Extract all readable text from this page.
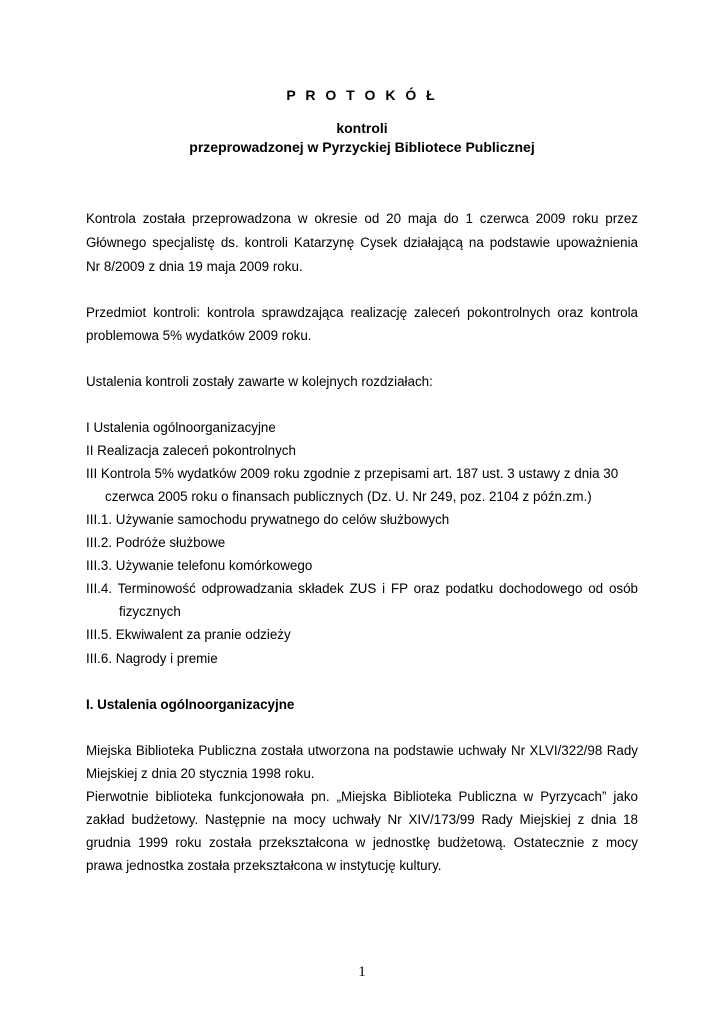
P R O T O K Ó Ł
kontroli
przeprowadzonej w Pyrzyckiej Bibliotece Publicznej
Kontrola została przeprowadzona w okresie od 20 maja do 1 czerwca 2009 roku przez
Głównego specjalistę ds. kontroli Katarzynę Cysek działającą na podstawie upoważnienia
Nr 8/2009 z dnia 19 maja 2009 roku.
Przedmiot kontroli: kontrola sprawdzająca realizację zaleceń pokontrolnych oraz kontrola
problemowa 5% wydatków 2009 roku.
Ustalenia kontroli zostały zawarte w kolejnych rozdziałach:
I Ustalenia ogólnoorganizacyjne
II Realizacja zaleceń pokontrolnych
III Kontrola 5% wydatków 2009 roku zgodnie z przepisami art. 187 ust. 3 ustawy z dnia 30
czerwca 2005 roku o finansach publicznych (Dz. U. Nr 249, poz. 2104 z późn.zm.)
III.1. Używanie samochodu prywatnego do celów służbowych
III.2. Podróże służbowe
III.3. Używanie telefonu komórkowego
III.4. Terminowość odprowadzania składek ZUS i FP oraz podatku dochodowego od osób
fizycznych
III.5. Ekwiwalent za pranie odzieży
III.6. Nagrody i premie
I. Ustalenia ogólnoorganizacyjne
Miejska Biblioteka Publiczna została utworzona na podstawie uchwały Nr XLVI/322/98 Rady
Miejskiej z dnia 20 stycznia 1998 roku.
Pierwotnie biblioteka funkcjonowała pn. „Miejska Biblioteka Publiczna w Pyrzycach” jako
zakład budżetowy. Następnie na mocy uchwały Nr XIV/173/99 Rady Miejskiej z dnia 18
grudnia 1999 roku została przekształcona w jednostkę budżetową. Ostatecznie z mocy
prawa jednostka została przekształcona w instytucję kultury.
1
